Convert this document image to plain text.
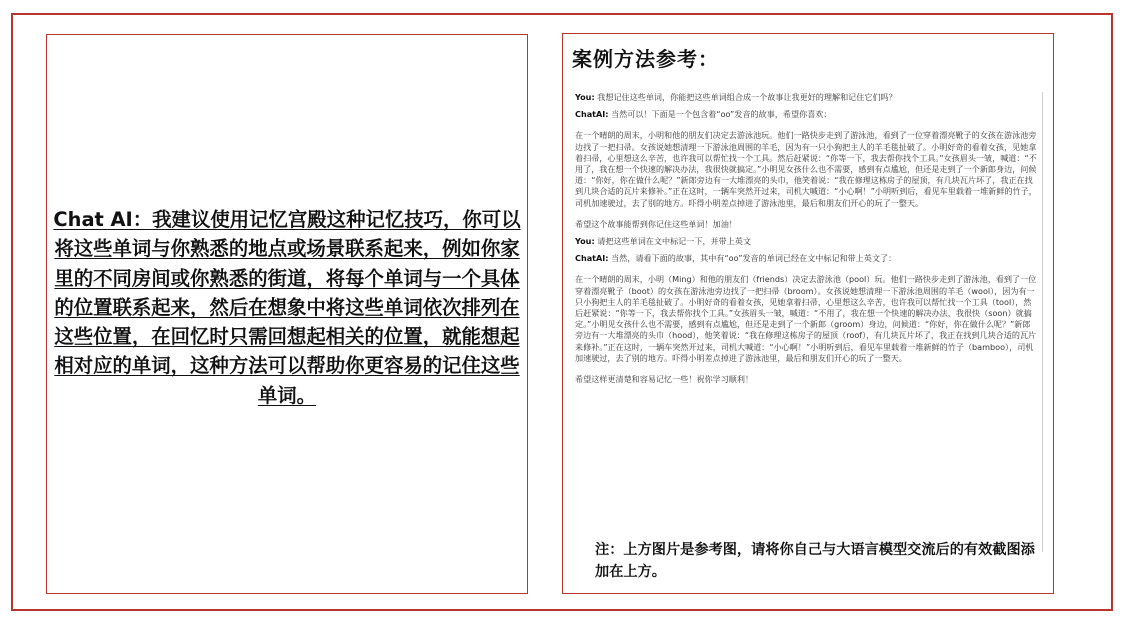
Chat AI：我建议使用记忆宫殿这种记忆技巧，你可以将这些单词与你熟悉的地点或场景联系起来，例如你家里的不同房间或你熟悉的街道，将每个单词与一个具体的位置联系起来，然后在想象中将这些单词依次排列在这些位置，在回忆时只需回想起相关的位置，就能想起相对应的单词，这种方法可以帮助你更容易的记住这些单词。
案例方法参考：
You: 我想记住这些单词，你能把这些单词组合成一个故事让我更好的理解和记住它们吗？
ChatAI: 当然可以！下面是一个包含着“oo”发音的故事，希望你喜欢：
在一个晴朗的周末，小明和他的朋友们决定去游泳池玩。他们一路快步走到了游泳池，看到了一位穿着漂亮靴子的女孩在游泳池旁边找了一把扫帚。女孩说她想清理一下游泳池周围的羊毛，因为有一只小狗把主人的羊毛毯扯破了。小明好奇的看着女孩，见她拿着扫帚，心里想这么辛苦，也许我可以帮忙找一个工具。然后赶紧说：“你等一下，我去帮你找个工具。”女孩眉头一皱，喊道：“不用了，我在想一个快速的解决办法，我很快就搞定。”小明见女孩什么也不需要，感到有点尴尬，但还是走到了一个新郎身边，问候道：“你好，你在做什么呢？”新郎旁边有一大堆漂亮的头巾，他笑着说：“我在修理这栋房子的屋顶，有几块瓦片坏了，我正在找到几块合适的瓦片来修补。”正在这时，一辆车突然开过来，司机大喊道：“小心啊！”小明听到后，看见车里载着一堆新鲜的竹子，司机加速驶过，去了别的地方。吓得小明差点掉进了游泳池里，最后和朋友们开心的玩了一整天。
希望这个故事能帮到你记住这些单词！加油！
You: 请把这些单词在文中标记一下，并带上英文
ChatAI: 当然，请看下面的故事，其中有“oo”发音的单词已经在文中标记和带上英文了：
在一个晴朗的周末，小明（Ming）和他的朋友们（friends）决定去游泳池（pool）玩。他们一路快步走到了游泳池，看到了一位穿着漂亮靴子（boot）的女孩在游泳池旁边找了一把扫帚（broom）。女孩说她想清理一下游泳池周围的羊毛（wool），因为有一只小狗把主人的羊毛毯扯破了。小明好奇的看着女孩，见她拿着扫帚，心里想这么辛苦，也许我可以帮忙找一个工具（tool），然后赶紧说：“你等一下，我去帮你找个工具。”女孩眉头一皱，喊道：“不用了，我在想一个快速的解决办法，我很快（soon）就搞定。”小明见女孩什么也不需要，感到有点尴尬，但还是走到了一个新郎（groom）身边，问候道：“你好，你在做什么呢？”新郎旁边有一大堆漂亮的头巾（hood），他笑着说：“我在修理这栋房子的屋顶（roof），有几块瓦片坏了，我正在找到几块合适的瓦片来修补。”正在这时，一辆车突然开过来，司机大喊道：“小心啊！”小明听到后，看见车里载着一堆新鲜的竹子（bamboo），司机加速驶过，去了别的地方。吓得小明差点掉进了游泳池里，最后和朋友们开心的玩了一整天。
希望这样更清楚和容易记忆一些！祝你学习顺利！
注：上方图片是参考图，请将你自己与大语言模型交流后的有效截图添加在上方。
